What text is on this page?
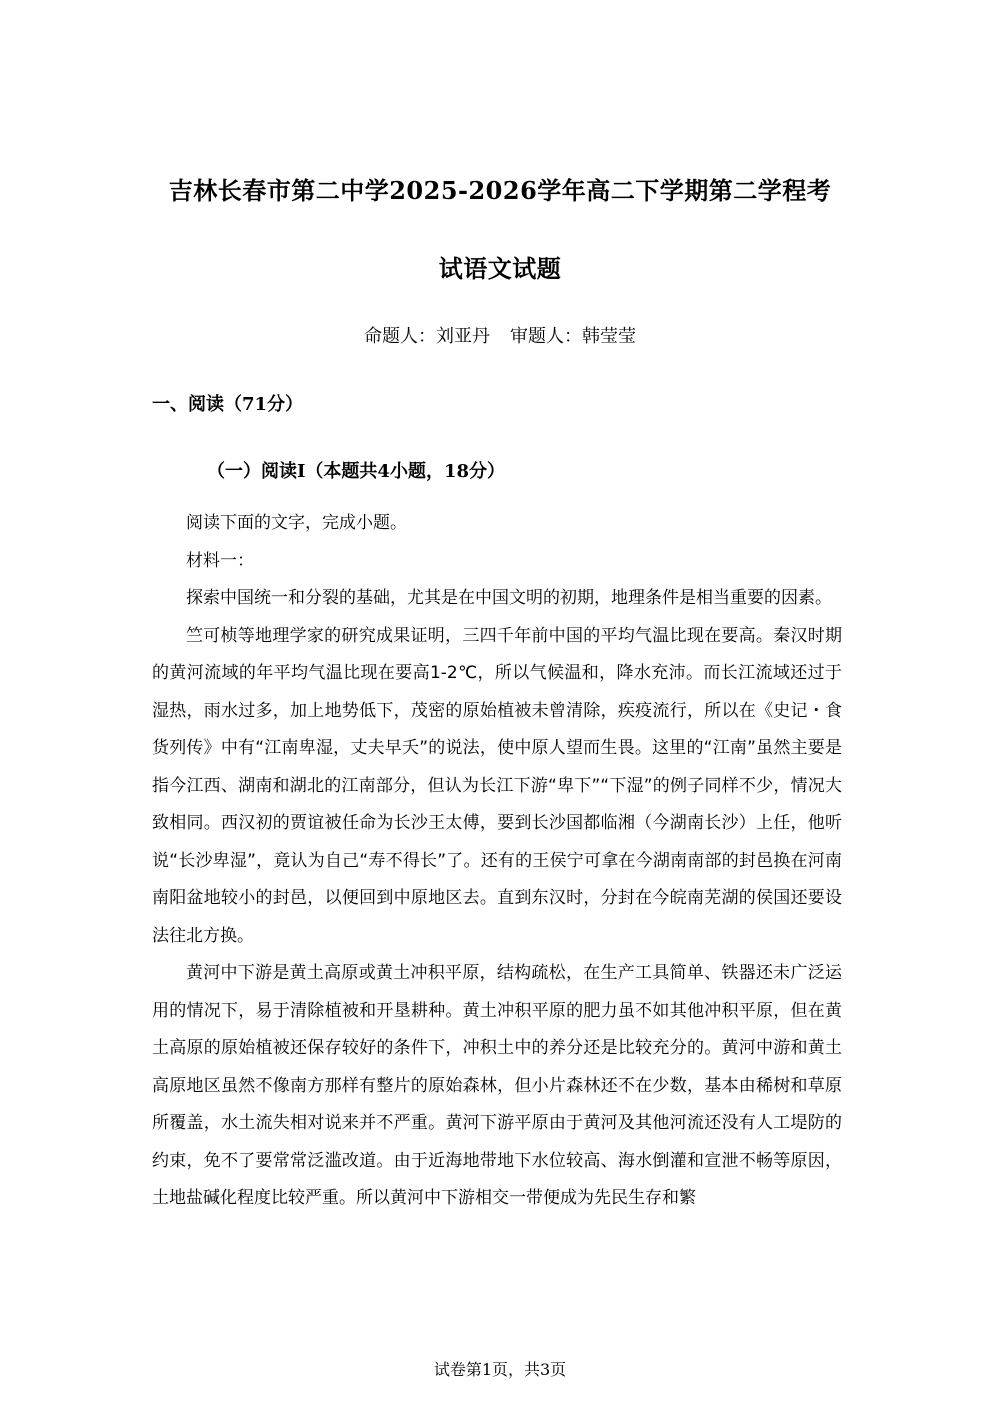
吉林长春市第二中学2025-2026学年高二下学期第二学程考
试语文试题
命题人：刘亚丹 审题人：韩莹莹
一、阅读（71分）
（一）阅读Ⅰ（本题共4小题，18分）

阅读下面的文字，完成小题。

材料一：

探索中国统一和分裂的基础，尤其是在中国文明的初期，地理条件是相当重要的因素。

竺可桢等地理学家的研究成果证明，三四千年前中国的平均气温比现在要高。秦汉时期的黄河流域的年平均气温比现在要高1-2℃，所以气候温和，降水充沛。而长江流域还过于湿热，雨水过多，加上地势低下，茂密的原始植被未曾清除，疾疫流行，所以在《史记・食货列传》中有“江南卑湿，丈夫早夭”的说法，使中原人望而生畏。这里的“江南”虽然主要是指今江西、湖南和湖北的江南部分，但认为长江下游“卑下”“下湿”的例子同样不少，情况大致相同。西汉初的贾谊被任命为长沙王太傅，要到长沙国都临湘（今湖南长沙）上任，他听说“长沙卑湿”，竟认为自己“寿不得长”了。还有的王侯宁可拿在今湖南南部的封邑换在河南南阳盆地较小的封邑，以便回到中原地区去。直到东汉时，分封在今皖南芜湖的侯国还要设法往北方换。

黄河中下游是黄土高原或黄土冲积平原，结构疏松，在生产工具简单、铁器还未广泛运用的情况下，易于清除植被和开垦耕种。黄土冲积平原的肥力虽不如其他冲积平原，但在黄土高原的原始植被还保存较好的条件下，冲积土中的养分还是比较充分的。黄河中游和黄土高原地区虽然不像南方那样有整片的原始森林，但小片森林还不在少数，基本由稀树和草原所覆盖，水土流失相对说来并不严重。黄河下游平原由于黄河及其他河流还没有人工堤防的约束，免不了要常常泛滥改道。由于近海地带地下水位较高、海水倒灌和宣泄不畅等原因，土地盐碱化程度比较严重。所以黄河中下游相交一带便成为先民生存和繁

试卷第1页，共3页
